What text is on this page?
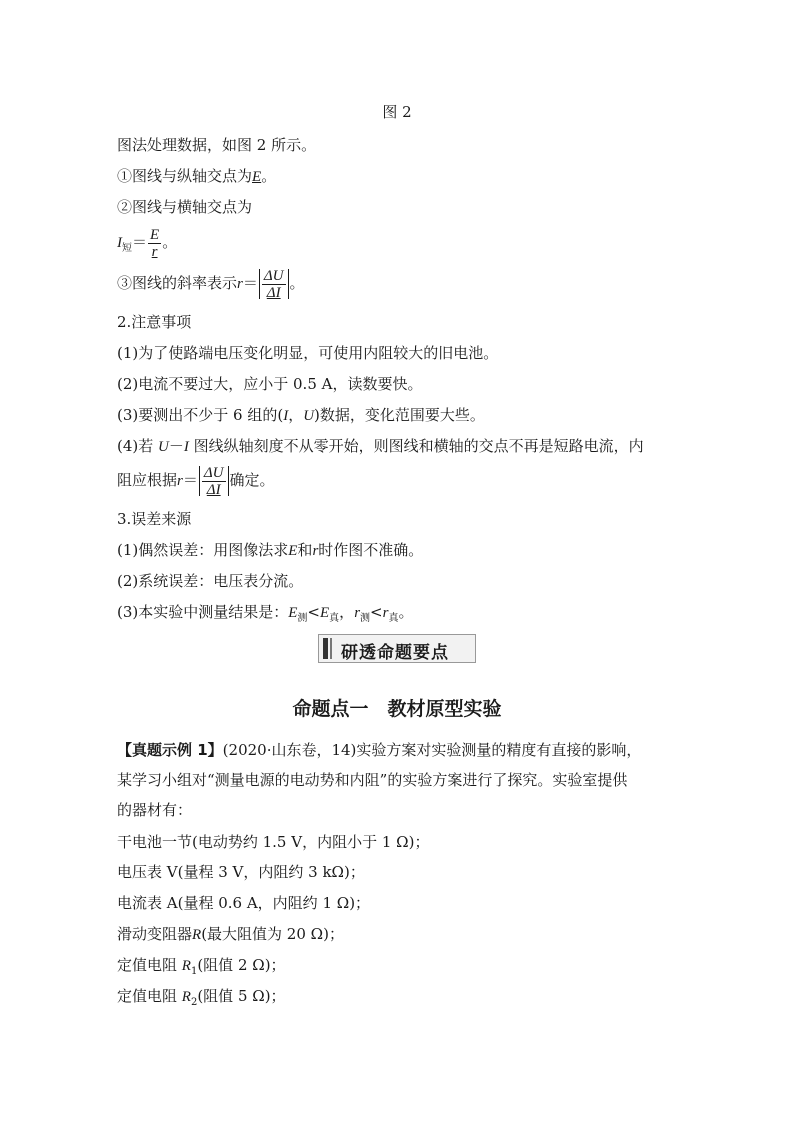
图 2
图法处理数据，如图 2 所示。
①图线与纵轴交点为E。
②图线与横轴交点为
$I_短= \frac{E}{r}$ 。
③图线的斜率表示$r= \frac{\Delta U}{\Delta I}$ 。
2.注意事项
(1)为了使路端电压变化明显，可使用内阻较大的旧电池。
(2)电流不要过大，应小于 0.5 A，读数要快。
(3)要测出不少于 6 组的(I，U)数据，变化范围要大些。
(4)若 U－I 图线纵轴刻度不从零开始，则图线和横轴的交点不再是短路电流，内
阻应根据$r= \frac{\Delta U}{\Delta I}$ 确定。
3.误差来源
(1)偶然误差：用图像法求E和r时作图不准确。
(2)系统误差：电压表分流。
(3)本实验中测量结果是：$E_测<E_真$，$r_测<r_真$。
研透命题要点
命题点一　教材原型实验
【真题示例 1】(2020·山东卷，14)实验方案对实验测量的精度有直接的影响，
某学习小组对“测量电源的电动势和内阻”的实验方案进行了探究。实验室提供
的器材有：
干电池一节(电动势约 1.5 V，内阻小于 1 Ω)；
电压表 V(量程 3 V，内阻约 3 kΩ)；
电流表 A(量程 0.6 A，内阻约 1 Ω)；
滑动变阻器R(最大阻值为 20 Ω)；
定值电阻 $R_1$(阻值 2 Ω)；
定值电阻 $R_2$(阻值 5 Ω)；
